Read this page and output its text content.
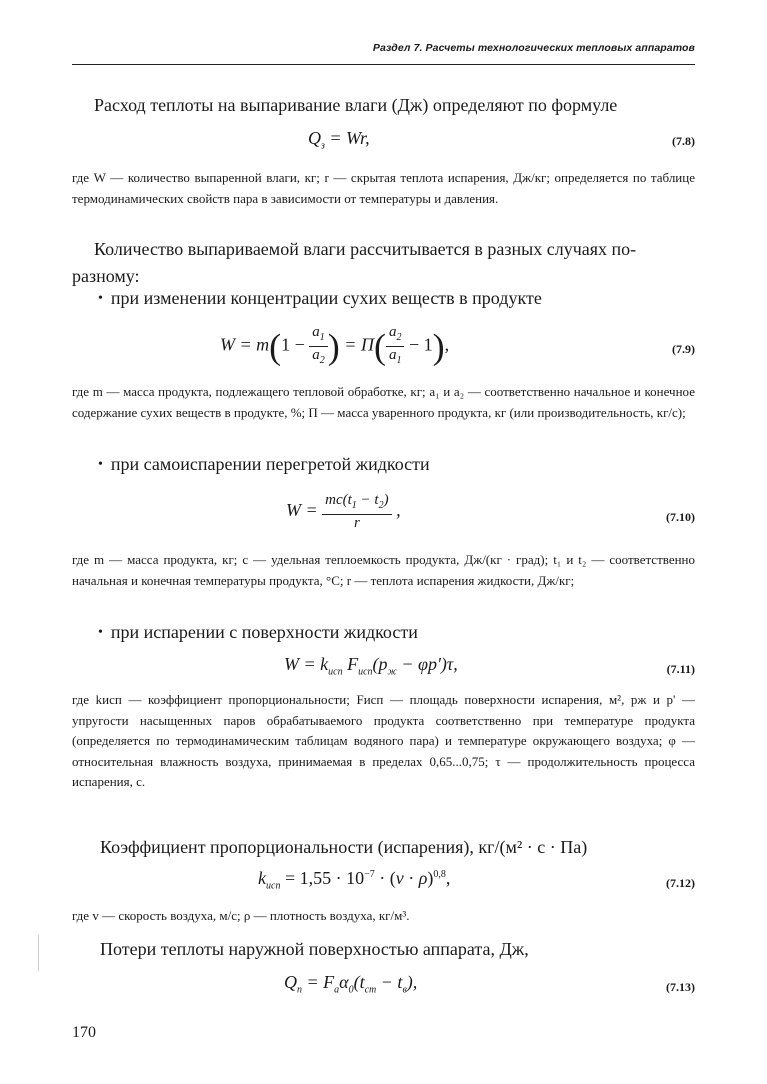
Раздел 7. Расчеты технологических тепловых аппаратов
Расход теплоты на выпаривание влаги (Дж) определяют по формуле
$Q_з = Wr$,	(7.8)
где W — количество выпаренной влаги, кг; r — скрытая теплота испарения, Дж/кг; определяется по таблице термодинамических свойств пара в зависимости от температуры и давления.
Количество выпариваемой влаги рассчитывается в разных случаях по-разному:
• при изменении концентрации сухих веществ в продукте
$W = m(1 - \frac{a_1}{a_2}$ ) = $П( \frac{a_2}{a_1} - 1)$,	(7.9)
где m — масса продукта, подлежащего тепловой обработке, кг; a₁ и a₂ — соответственно начальное и конечное содержание сухих веществ в продукте, %; П — масса уваренного продукта, кг (или производительность, кг/с);
• при самоиспарении перегретой жидкости
$W = \frac{mc(t_1 - t_2)}{r}$ ,	(7.10)
где m — масса продукта, кг; c — удельная теплоемкость продукта, Дж/(кг · град); t₁ и t₂ — соответственно начальная и конечная температуры продукта, °С; r — теплота испарения жидкости, Дж/кг;
• при испарении с поверхности жидкости
$W = k_{исп}$ $F_{исп}(p_ж - \varphi p')\tau$,	(7.11)
где kисп — коэффициент пропорциональности; Fисп — площадь поверхности испарения, м², pж и p' — упругости насыщенных паров обрабатываемого продукта соответственно при температуре продукта (определяется по термодинамическим таблицам водяного пара) и температуре окружающего воздуха; φ — относительная влажность воздуха, принимаемая в пределах 0,65...0,75; τ — продолжительность процесса испарения, с.
Коэффициент пропорциональности (испарения), кг/(м² · с · Па)
$k_{исп} = 1,55 \cdot 10^{-7} \cdot (v \cdot \rho)^{0,8}$,	(7.12)
где v — скорость воздуха, м/с; ρ — плотность воздуха, кг/м³.
Потери теплоты наружной поверхностью аппарата, Дж,
$Q_п = F_а\alpha_0(t_{ст} - t_в)$,	(7.13)
170
